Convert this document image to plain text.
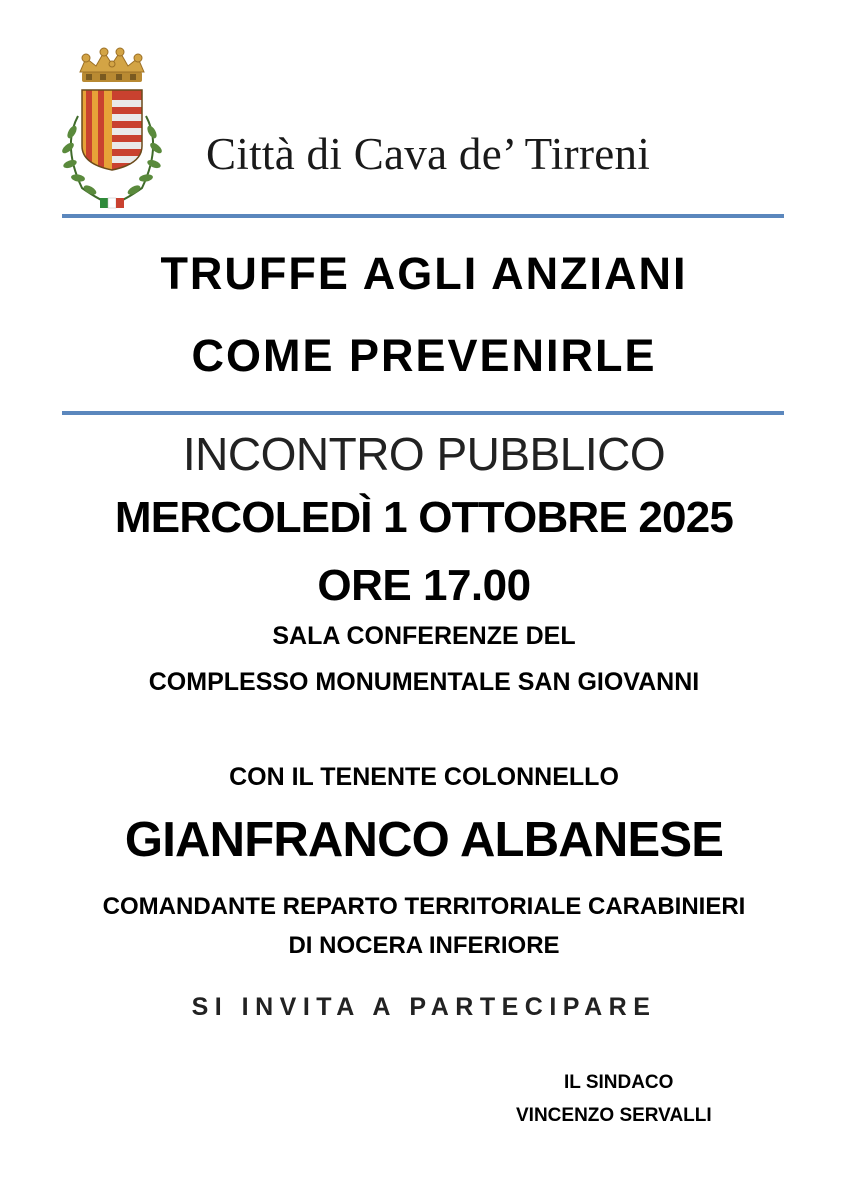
Città di Cava de’ Tirreni
TRUFFE AGLI ANZIANI
COME PREVENIRLE
INCONTRO PUBBLICO
MERCOLEDÌ 1 OTTOBRE 2025
ORE 17.00
SALA CONFERENZE DEL
COMPLESSO MONUMENTALE SAN GIOVANNI
CON IL TENENTE COLONNELLO
GIANFRANCO ALBANESE
COMANDANTE REPARTO TERRITORIALE CARABINIERI
DI NOCERA INFERIORE
SI INVITA A PARTECIPARE
IL SINDACO
VINCENZO SERVALLI
